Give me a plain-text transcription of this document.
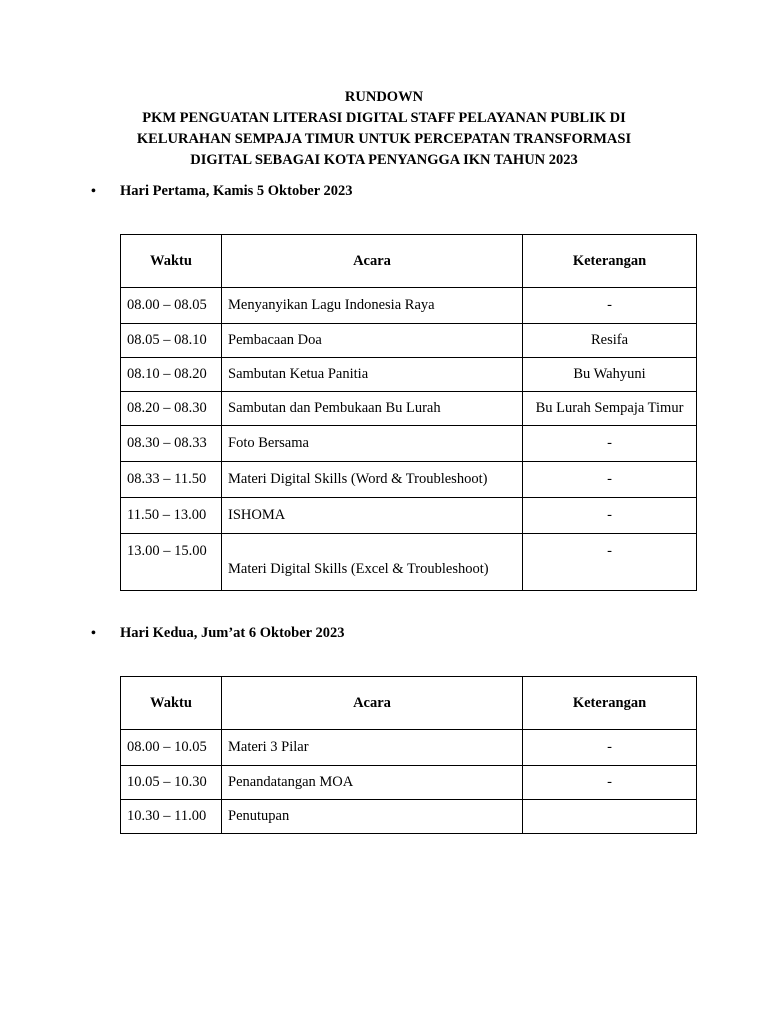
RUNDOWN
PKM PENGUATAN LITERASI DIGITAL STAFF PELAYANAN PUBLIK DI
KELURAHAN SEMPAJA TIMUR UNTUK PERCEPATAN TRANSFORMASI
DIGITAL SEBAGAI KOTA PENYANGGA IKN TAHUN 2023
•	Hari Pertama, Kamis 5 Oktober 2023
Waktu	Acara	Keterangan
08.00 – 08.05	Menyanyikan Lagu Indonesia Raya	-
08.05 – 08.10	Pembacaan Doa	Resifa
08.10 – 08.20	Sambutan Ketua Panitia	Bu Wahyuni
08.20 – 08.30	Sambutan dan Pembukaan Bu Lurah	Bu Lurah Sempaja Timur
08.30 – 08.33	Foto Bersama	-
08.33 – 11.50	Materi Digital Skills (Word & Troubleshoot)	-
11.50 – 13.00	ISHOMA	-
13.00 – 15.00	Materi Digital Skills (Excel & Troubleshoot)	-
•	Hari Kedua, Jum’at 6 Oktober 2023
Waktu	Acara	Keterangan
08.00 – 10.05	Materi 3 Pilar	-
10.05 – 10.30	Penandatangan MOA	-
10.30 – 11.00	Penutupan	
